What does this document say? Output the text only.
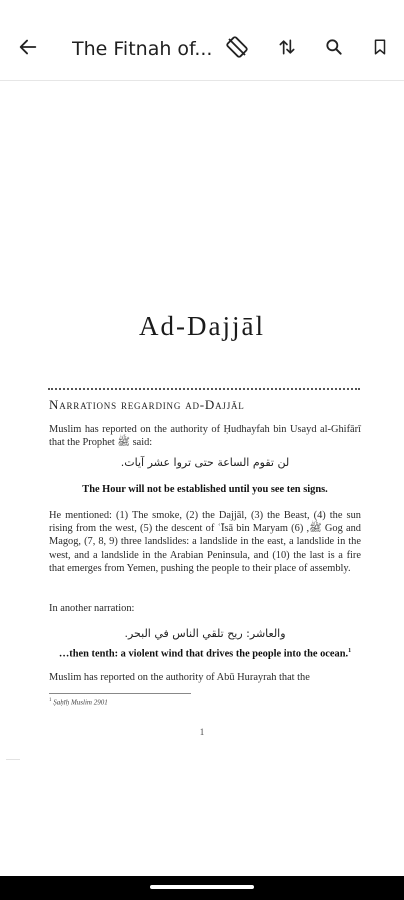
The Fitnah of...
Ad-Dajjāl
Narrations regarding ad-Dajjāl
Muslim has reported on the authority of Ḥudhayfah bin Usayd al-Ghifārī that the Prophet ﷺ said:
لن تقوم الساعة حتى تروا عشر آيات.
The Hour will not be established until you see ten signs.
He mentioned: (1) The smoke, (2) the Dajjāl, (3) the Beast, (4) the sun rising from the west, (5) the descent of ʿĪsā bin Maryam ﷺ, (6) Gog and Magog, (7, 8, 9) three landslides: a landslide in the east, a landslide in the west, and a landslide in the Arabian Peninsula, and (10) the last is a fire that emerges from Yemen, pushing the people to their place of assembly.
In another narration:
والعاشر: ريح تلقي الناس في البحر.
…then tenth: a violent wind that drives the people into the ocean.$^1$
Muslim has reported on the authority of Abū Hurayrah that the
$^1$ Ṣaḥīḥ Muslim 2901
1
